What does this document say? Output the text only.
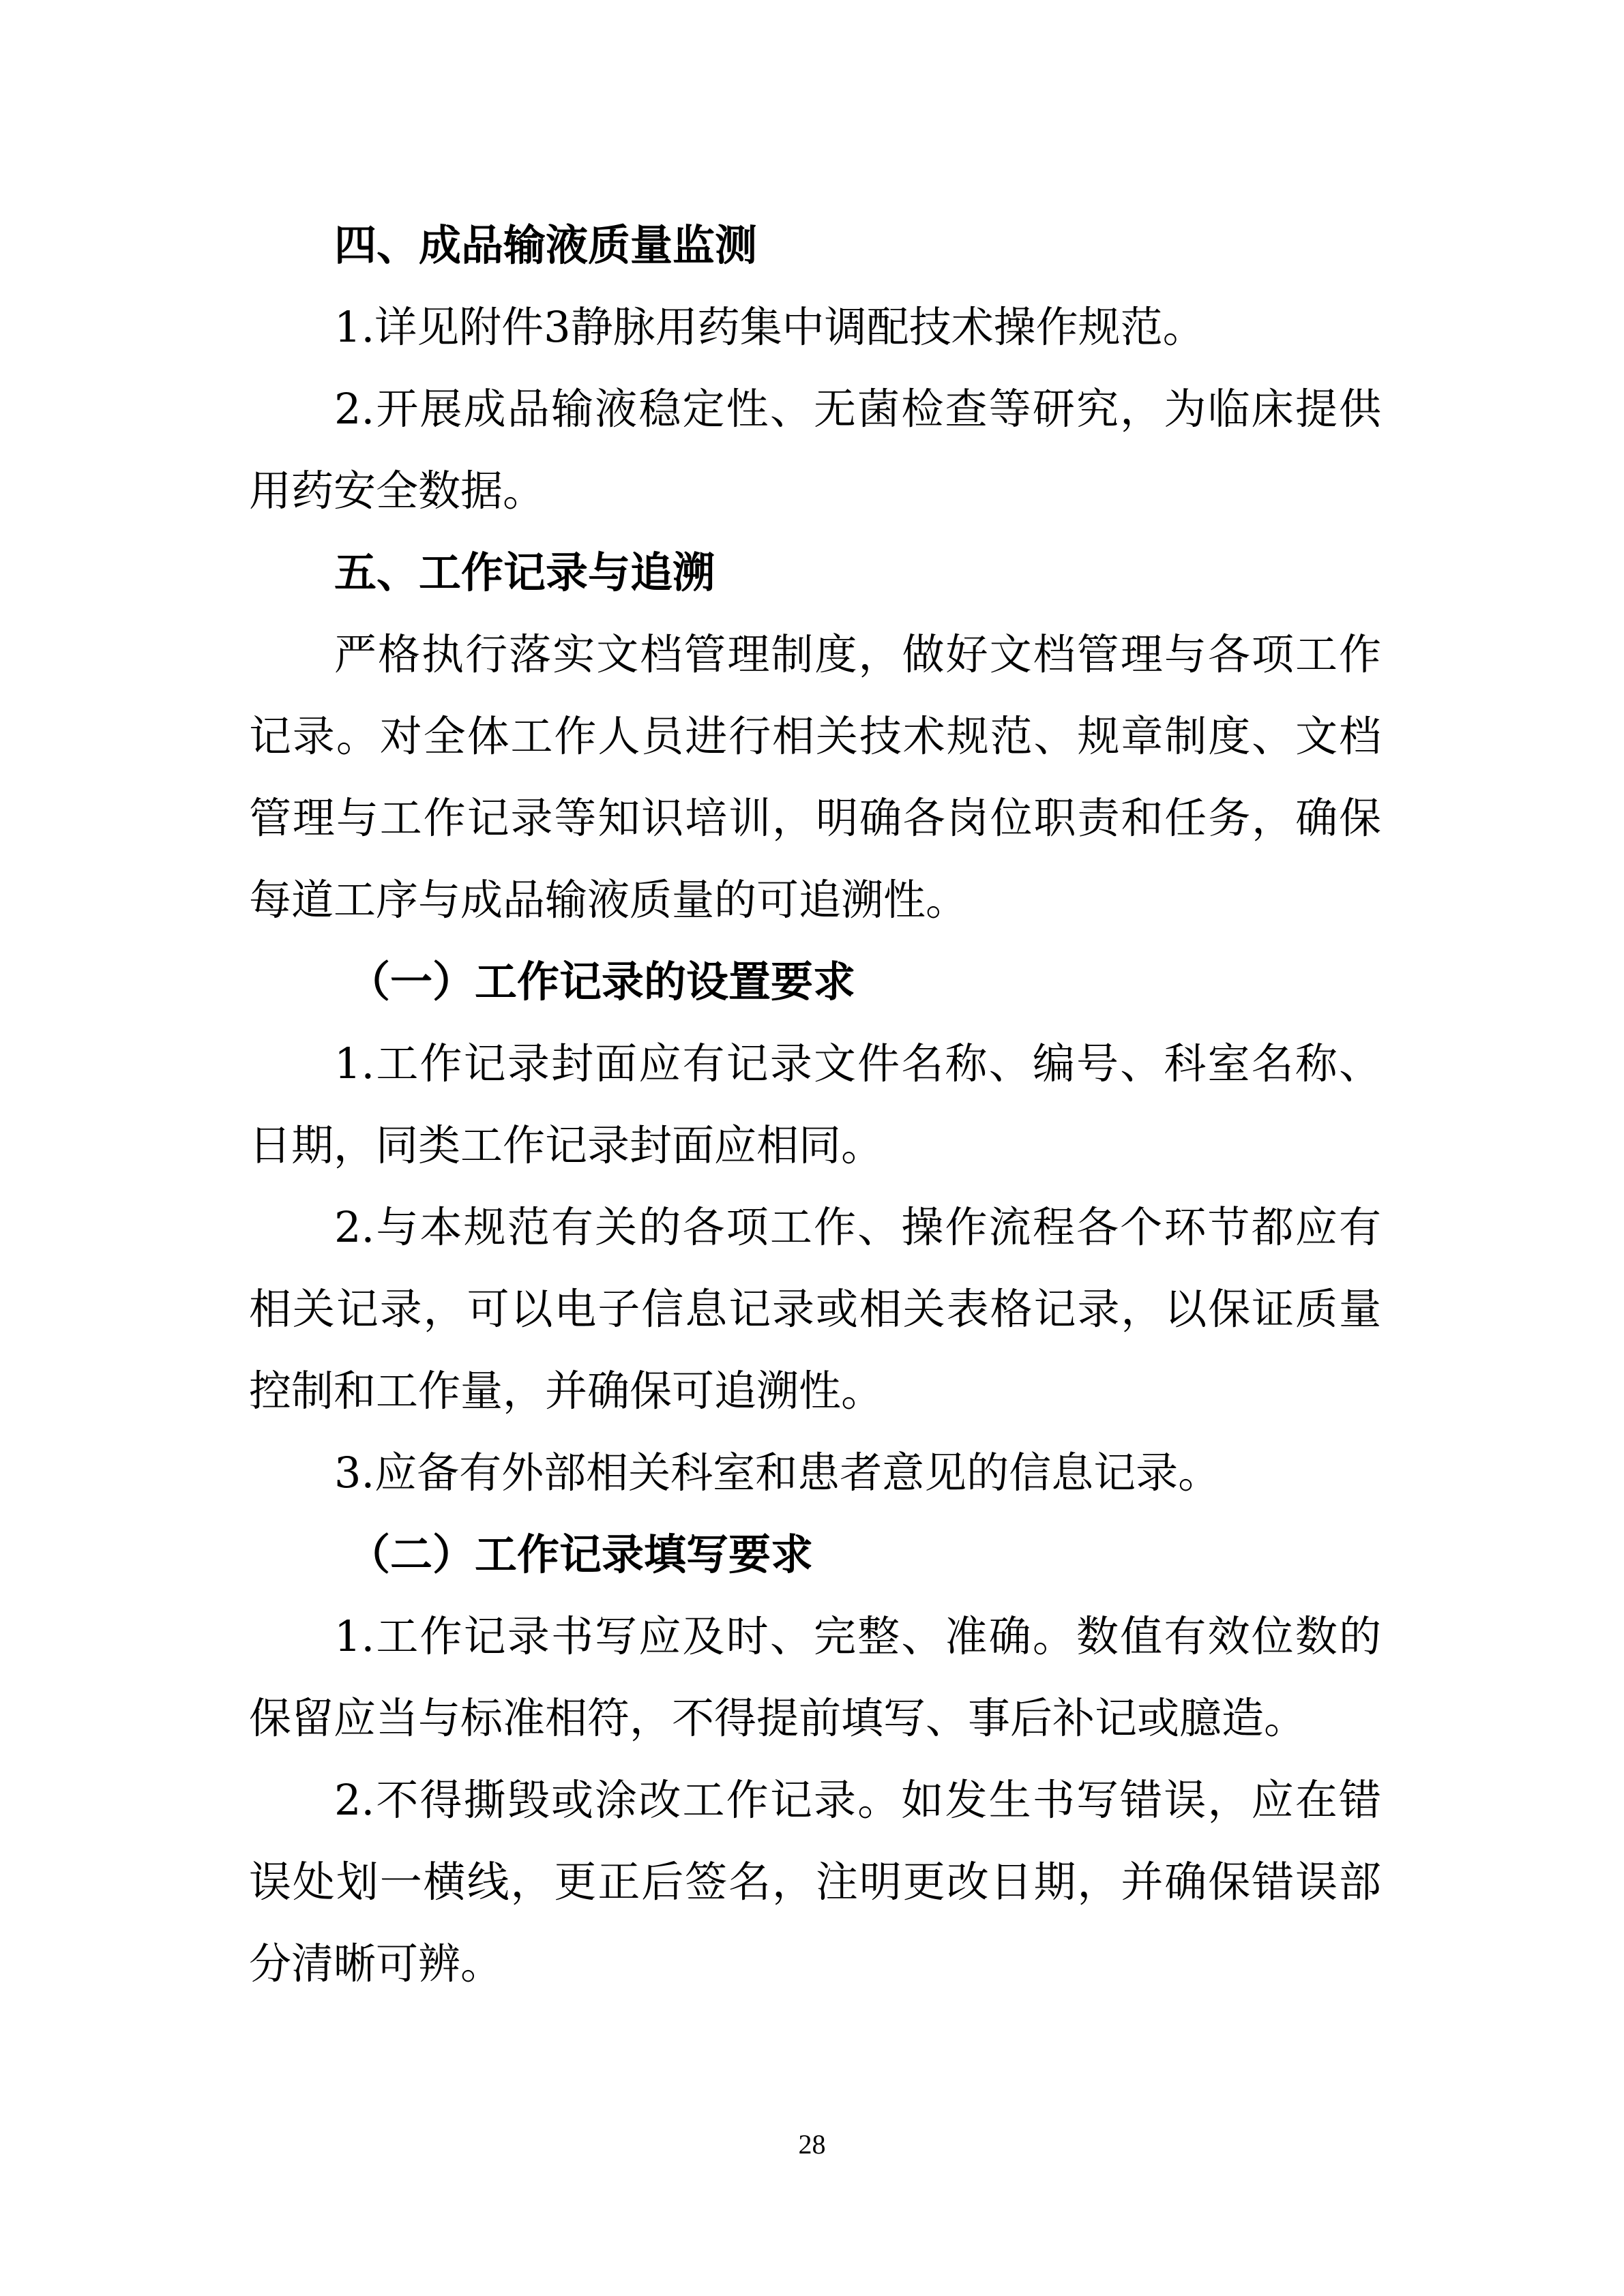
四、成品输液质量监测
1.详见附件3静脉用药集中调配技术操作规范。
2.开展成品输液稳定性、无菌检查等研究，为临床提供
用药安全数据。
五、工作记录与追溯
严格执行落实文档管理制度，做好文档管理与各项工作
记录。对全体工作人员进行相关技术规范、规章制度、文档
管理与工作记录等知识培训，明确各岗位职责和任务，确保
每道工序与成品输液质量的可追溯性。
（一）工作记录的设置要求
1.工作记录封面应有记录文件名称、编号、科室名称、
日期，同类工作记录封面应相同。
2.与本规范有关的各项工作、操作流程各个环节都应有
相关记录，可以电子信息记录或相关表格记录，以保证质量
控制和工作量，并确保可追溯性。
3.应备有外部相关科室和患者意见的信息记录。
（二）工作记录填写要求
1.工作记录书写应及时、完整、准确。数值有效位数的
保留应当与标准相符，不得提前填写、事后补记或臆造。
2.不得撕毁或涂改工作记录。如发生书写错误，应在错
误处划一横线，更正后签名，注明更改日期，并确保错误部
分清晰可辨。
28
